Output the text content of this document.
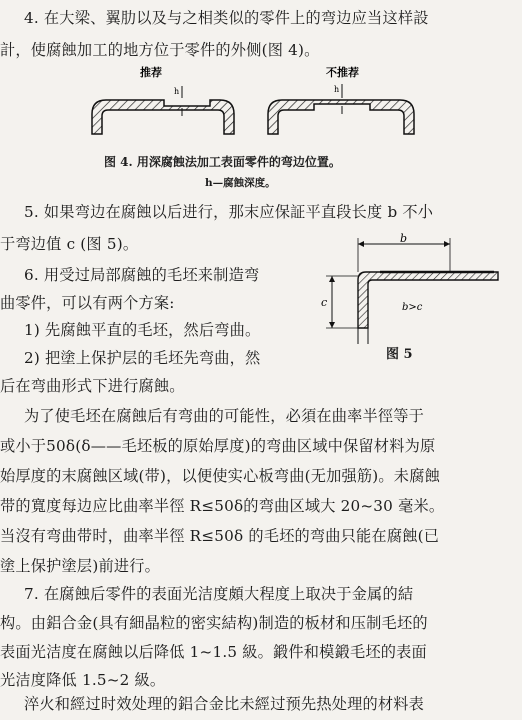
4. 在大梁、翼肋以及与之相类似的零件上的弯边应当这样設
計，使腐蝕加工的地方位于零件的外侧(图 4)。
推荐	不推荐
h	h
图 4. 用深腐蝕法加工表面零件的弯边位置。
h—腐蝕深度。
5. 如果弯边在腐蝕以后进行，那末应保証平直段长度 b 不小
于弯边值 c (图 5)。
6. 用受过局部腐蝕的毛坯来制造弯
曲零件，可以有两个方案:
1) 先腐蝕平直的毛坯，然后弯曲。
2) 把塗上保护层的毛坯先弯曲，然
后在弯曲形式下进行腐蝕。
b
c	b>c
图 5
为了使毛坯在腐蝕后有弯曲的可能性，必須在曲率半徑等于
或小于50δ(δ——毛坯板的原始厚度)的弯曲区域中保留材料为原
始厚度的末腐蝕区域(带)，以便使实心板弯曲(无加强筋)。未腐蝕
带的寬度每边应比曲率半徑 R≤50δ的弯曲区域大 20~30 毫米。
当沒有弯曲带时，曲率半徑 R≤50δ 的毛坯的弯曲只能在腐蝕(已
塗上保护塗层)前进行。
7. 在腐蝕后零件的表面光洁度頗大程度上取决于金属的結
构。由鋁合金(具有細晶粒的密实結构)制造的板材和压制毛坯的
表面光洁度在腐蝕以后降低 1~1.5 級。鍛件和模鍛毛坯的表面
光洁度降低 1.5~2 級。
淬火和經过时效处理的鋁合金比未經过预先热处理的材料表
